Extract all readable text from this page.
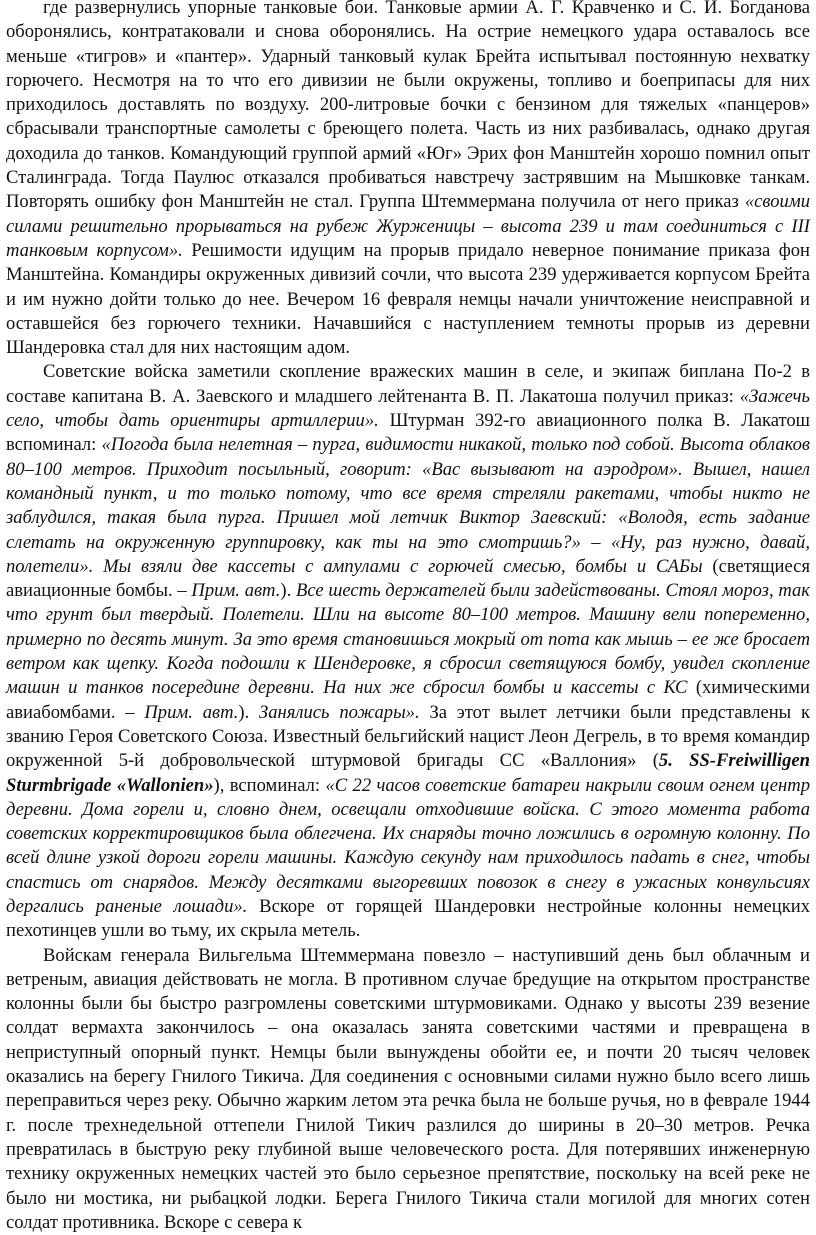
где развернулись упорные танковые бои. Танковые армии А. Г. Кравченко и С. И. Богданова оборонялись, контратаковали и снова оборонялись. На острие немецкого удара оставалось все меньше «тигров» и «пантер». Ударный танковый кулак Брейта испытывал постоянную нехватку горючего. Несмотря на то что его дивизии не были окружены, топливо и боеприпасы для них приходилось доставлять по воздуху. 200-литровые бочки с бензином для тяжелых «панцеров» сбрасывали транспортные самолеты с бреющего полета. Часть из них разбивалась, однако другая доходила до танков. Командующий группой армий «Юг» Эрих фон Манштейн хорошо помнил опыт Сталинграда. Тогда Паулюс отказался пробиваться навстречу застрявшим на Мышковке танкам. Повторять ошибку фон Манштейн не стал. Группа Штеммермана получила от него приказ «своими силами решительно прорываться на рубеж Журженицы – высота 239 и там соединиться с III танковым корпусом». Решимости идущим на прорыв придало неверное понимание приказа фон Манштейна. Командиры окруженных дивизий сочли, что высота 239 удерживается корпусом Брейта и им нужно дойти только до нее. Вечером 16 февраля немцы начали уничтожение неисправной и оставшейся без горючего техники. Начавшийся с наступлением темноты прорыв из деревни Шандеровка стал для них настоящим адом.

Советские войска заметили скопление вражеских машин в селе, и экипаж биплана По-2 в составе капитана В. А. Заевского и младшего лейтенанта В. П. Лакатоша получил приказ: «Зажечь село, чтобы дать ориентиры артиллерии». Штурман 392-го авиационного полка В. Лакатош вспоминал: «Погода была нелетная – пурга, видимости никакой, только под собой. Высота облаков 80–100 метров. Приходит посыльный, говорит: «Вас вызывают на аэродром». Вышел, нашел командный пункт, и то только потому, что все время стреляли ракетами, чтобы никто не заблудился, такая была пурга. Пришел мой летчик Виктор Заевский: «Володя, есть задание слетать на окруженную группировку, как ты на это смотришь?» – «Ну, раз нужно, давай, полетели». Мы взяли две кассеты с ампулами с горючей смесью, бомбы и САБы (светящиеся авиационные бомбы. – Прим. авт.). Все шесть держателей были задействованы. Стоял мороз, так что грунт был твердый. Полетели. Шли на высоте 80–100 метров. Машину вели попеременно, примерно по десять минут. За это время становишься мокрый от пота как мышь – ее же бросает ветром как щепку. Когда подошли к Шендеровке, я сбросил светящуюся бомбу, увидел скопление машин и танков посередине деревни. На них же сбросил бомбы и кассеты с КС (химическими авиабомбами. – Прим. авт.). Занялись пожары». За этот вылет летчики были представлены к званию Героя Советского Союза. Известный бельгийский нацист Леон Дегрель, в то время командир окруженной 5-й добровольческой штурмовой бригады СС «Валлония» (5. SS-Freiwilligen Sturmbrigade «Wallonien»), вспоминал: «С 22 часов советские батареи накрыли своим огнем центр деревни. Дома горели и, словно днем, освещали отходившие войска. С этого момента работа советских корректировщиков была облегчена. Их снаряды точно ложились в огромную колонну. По всей длине узкой дороги горели машины. Каждую секунду нам приходилось падать в снег, чтобы спастись от снарядов. Между десятками выгоревших повозок в снегу в ужасных конвульсиях дергались раненые лошади». Вскоре от горящей Шандеровки нестройные колонны немецких пехотинцев ушли во тьму, их скрыла метель.

Войскам генерала Вильгельма Штеммермана повезло – наступивший день был облачным и ветреным, авиация действовать не могла. В противном случае бредущие на открытом пространстве колонны были бы быстро разгромлены советскими штурмовиками. Однако у высоты 239 везение солдат вермахта закончилось – она оказалась занята советскими частями и превращена в неприступный опорный пункт. Немцы были вынуждены обойти ее, и почти 20 тысяч человек оказались на берегу Гнилого Тикича. Для соединения с основными силами нужно было всего лишь переправиться через реку. Обычно жарким летом эта речка была не больше ручья, но в феврале 1944 г. после трехнедельной оттепели Гнилой Тикич разлился до ширины в 20–30 метров. Речка превратилась в быструю реку глубиной выше человеческого роста. Для потерявших инженерную технику окруженных немецких частей это было серьезное препятствие, поскольку на всей реке не было ни мостика, ни рыбацкой лодки. Берега Гнилого Тикича стали могилой для многих сотен солдат противника. Вскоре с севера к
